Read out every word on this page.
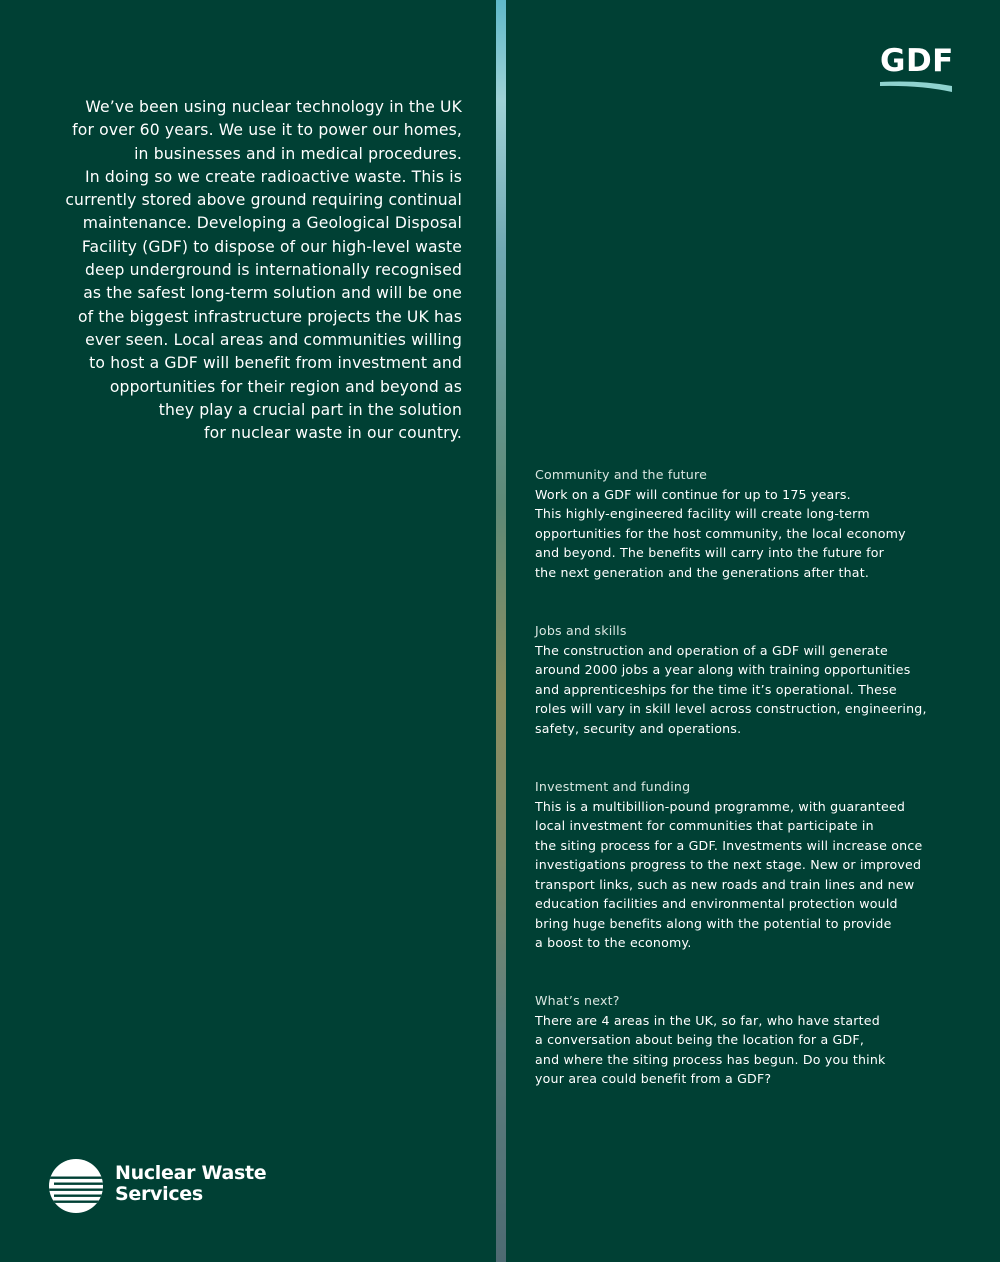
We’ve been using nuclear technology in the UK
for over 60 years. We use it to power our homes,
in businesses and in medical procedures.
In doing so we create radioactive waste. This is
currently stored above ground requiring continual
maintenance. Developing a Geological Disposal
Facility (GDF) to dispose of our high-level waste
deep underground is internationally recognised
as the safest long-term solution and will be one
of the biggest infrastructure projects the UK has
ever seen. Local areas and communities willing
to host a GDF will benefit from investment and
opportunities for their region and beyond as
they play a crucial part in the solution
for nuclear waste in our country.

Nuclear Waste
Services
GDF
Community and the future

Work on a GDF will continue for up to 175 years.
This highly-engineered facility will create long-term
opportunities for the host community, the local economy
and beyond. The benefits will carry into the future for
the next generation and the generations after that.

Jobs and skills

The construction and operation of a GDF will generate
around 2000 jobs a year along with training opportunities
and apprenticeships for the time it’s operational. These
roles will vary in skill level across construction, engineering,
safety, security and operations.

Investment and funding

This is a multibillion-pound programme, with guaranteed
local investment for communities that participate in
the siting process for a GDF. Investments will increase once
investigations progress to the next stage. New or improved
transport links, such as new roads and train lines and new
education facilities and environmental protection would
bring huge benefits along with the potential to provide
a boost to the economy.

What’s next?

There are 4 areas in the UK, so far, who have started
a conversation about being the location for a GDF,
and where the siting process has begun. Do you think
your area could benefit from a GDF?
